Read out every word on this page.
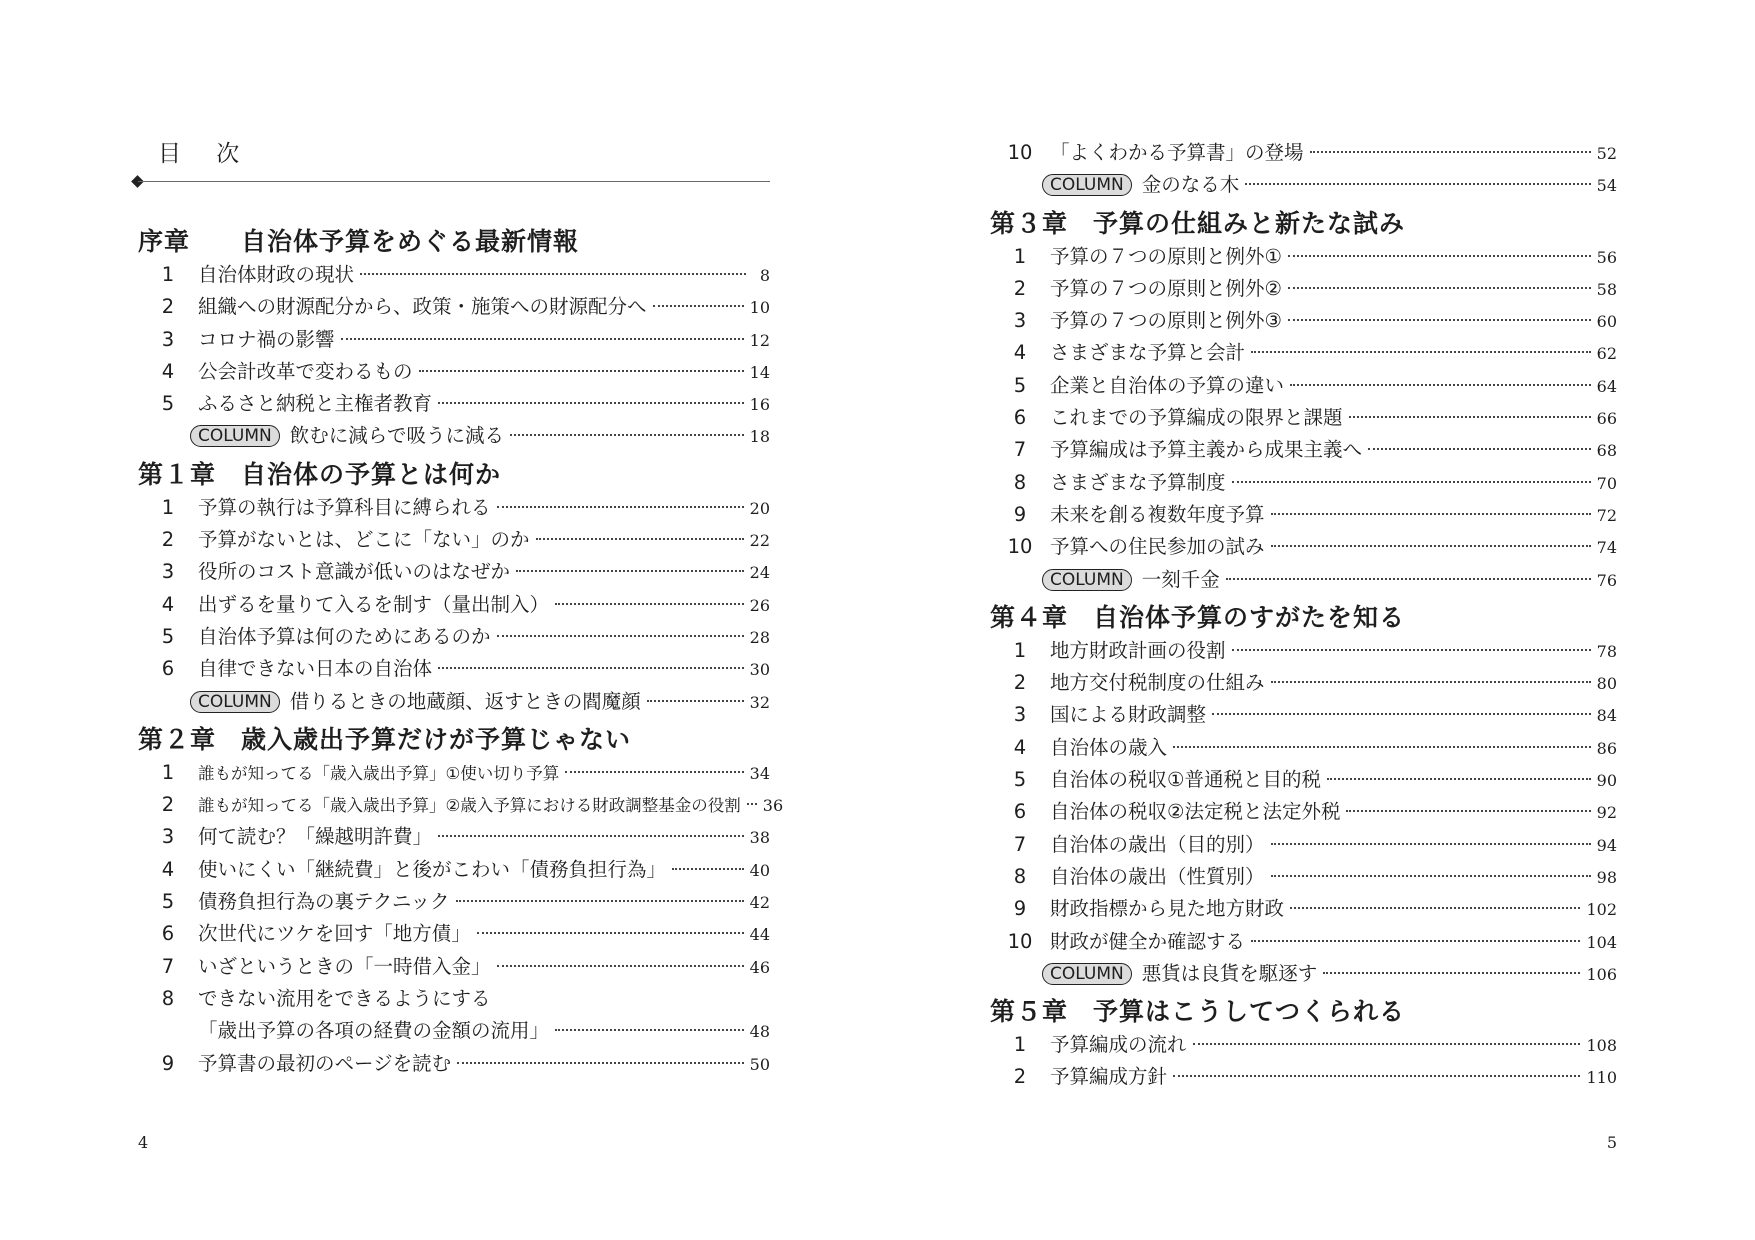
目 次
序章 自治体予算をめぐる最新情報
1	自治体財政の現状	8
2	組織への財源配分から、政策・施策への財源配分へ	10
3	コロナ禍の影響	12
4	公会計改革で変わるもの	14
5	ふるさと納税と主権者教育	16
COLUMN 飲むに減らで吸うに減る	18
第１章 自治体の予算とは何か
1	予算の執行は予算科目に縛られる	20
2	予算がないとは、どこに「ない」のか	22
3	役所のコスト意識が低いのはなぜか	24
4	出ずるを量りて入るを制す（量出制入）	26
5	自治体予算は何のためにあるのか	28
6	自律できない日本の自治体	30
COLUMN 借りるときの地蔵顔、返すときの閻魔顔	32
第２章 歳入歳出予算だけが予算じゃない
1	誰もが知ってる「歳入歳出予算」①使い切り予算	34
2	誰もが知ってる「歳入歳出予算」②歳入予算における財政調整基金の役割 36
3	何て読む？「繰越明許費」	38
4	使いにくい「継続費」と後がこわい「債務負担行為」	40
5	債務負担行為の裏テクニック	42
6	次世代にツケを回す「地方債」	44
7	いざというときの「一時借入金」	46
8	できない流用をできるようにする
「歳出予算の各項の経費の金額の流用」	48
9	予算書の最初のページを読む	50
4
10 「よくわかる予算書」の登場	52
COLUMN 金のなる木	54
第３章 予算の仕組みと新たな試み
1	予算の７つの原則と例外①	56
2	予算の７つの原則と例外②	58
3	予算の７つの原則と例外③	60
4	さまざまな予算と会計	62
5	企業と自治体の予算の違い	64
6	これまでの予算編成の限界と課題	66
7	予算編成は予算主義から成果主義へ	68
8	さまざまな予算制度	70
9	未来を創る複数年度予算	72
10 予算への住民参加の試み	74
COLUMN 一刻千金	76
第４章 自治体予算のすがたを知る
1	地方財政計画の役割	78
2	地方交付税制度の仕組み	80
3	国による財政調整	84
4	自治体の歳入	86
5	自治体の税収①普通税と目的税	90
6	自治体の税収②法定税と法定外税	92
7	自治体の歳出（目的別）	94
8	自治体の歳出（性質別）	98
9	財政指標から見た地方財政	102
10 財政が健全か確認する	104
COLUMN 悪貨は良貨を駆逐す	106
第５章 予算はこうしてつくられる
1	予算編成の流れ	108
2	予算編成方針	110
5
